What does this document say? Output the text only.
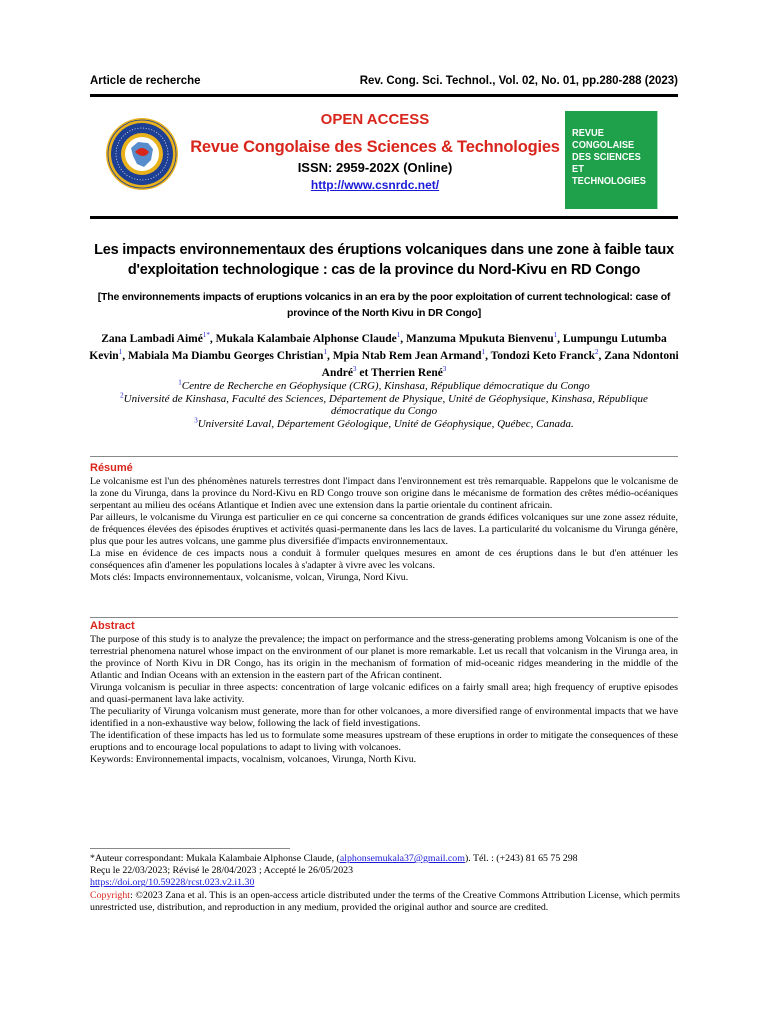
Article de recherche	Rev. Cong. Sci. Technol., Vol. 02, No. 01, pp.280-288 (2023)
OPEN ACCESS
Revue Congolaise des Sciences & Technologies
ISSN: 2959-202X (Online)
http://www.csnrdc.net/
REVUE
CONGOLAISE
DES SCIENCES
ET TECHNOLOGIES
Les impacts environnementaux des éruptions volcaniques dans une zone à faible taux d'exploitation technologique : cas de la province du Nord-Kivu en RD Congo
[The environnements impacts of eruptions volcanics in an era by the poor exploitation of current technological: case of province of the North Kivu in DR Congo]
Zana Lambadi Aimé$^{1*}$, Mukala Kalambaie Alphonse Claude$^1$, Manzuma Mpukuta Bienvenu$^1$, Lumpungu Lutumba Kevin$^1$, Mabiala Ma Diambu Georges Christian$^1$, Mpia Ntab Rem Jean Armand$^1$, Tondozi Keto Franck$^2$, Zana Ndontoni André$^3$ et Therrien René$^3$
$^1$Centre de Recherche en Géophysique (CRG), Kinshasa, République démocratique du Congo
$^2$Université de Kinshasa, Faculté des Sciences, Département de Physique, Unité de Géophysique, Kinshasa, République démocratique du Congo
$^3$Université Laval, Département Géologique, Unité de Géophysique, Québec, Canada.
Résumé

Le volcanisme est l'un des phénomènes naturels terrestres dont l'impact dans l'environnement est très remarquable. Rappelons que le volcanisme de la zone du Virunga, dans la province du Nord-Kivu en RD Congo trouve son origine dans le mécanisme de formation des crêtes médio-océaniques serpentant au milieu des océans Atlantique et Indien avec une extension dans la partie orientale du continent africain.

Par ailleurs, le volcanisme du Virunga est particulier en ce qui concerne sa concentration de grands édifices volcaniques sur une zone assez réduite, de fréquences élevées des épisodes éruptives et activités quasi-permanente dans les lacs de laves. La particularité du volcanisme du Virunga génère, plus que pour les autres volcans, une gamme plus diversifiée d'impacts environnementaux.

La mise en évidence de ces impacts nous a conduit à formuler quelques mesures en amont de ces éruptions dans le but d'en atténuer les conséquences afin d'amener les populations locales à s'adapter à vivre avec les volcans.

Mots clés: Impacts environnementaux, volcanisme, volcan, Virunga, Nord Kivu.

Abstract

The purpose of this study is to analyze the prevalence; the impact on performance and the stress-generating problems among Volcanism is one of the terrestrial phenomena naturel whose impact on the environment of our planet is more remarkable. Let us recall that volcanism in the Virunga area, in the province of North Kivu in DR Congo, has its origin in the mechanism of formation of mid-oceanic ridges meandering in the middle of the Atlantic and Indian Oceans with an extension in the eastern part of the African continent.

Virunga volcanism is peculiar in three aspects: concentration of large volcanic edifices on a fairly small area; high frequency of eruptive episodes and quasi-permanent lava lake activity.

The peculiarity of Virunga volcanism must generate, more than for other volcanoes, a more diversified range of environmental impacts that we have identified in a non-exhaustive way below, following the lack of field investigations.

The identification of these impacts has led us to formulate some measures upstream of these eruptions in order to mitigate the consequences of these eruptions and to encourage local populations to adapt to living with volcanoes.

Keywords: Environnemental impacts, vocalnism, volcanoes, Virunga, North Kivu.

*Auteur correspondant: Mukala Kalambaie Alphonse Claude, (alphonsemukala37@gmail.com). Tél. : (+243) 81 65 75 298

Reçu le 22/03/2023; Révisé le 28/04/2023 ; Accepté le 26/05/2023

https://doi.org/10.59228/rcst.023.v2.i1.30

Copyright: ©2023 Zana et al. This is an open-access article distributed under the terms of the Creative Commons Attribution License, which permits unrestricted use, distribution, and reproduction in any medium, provided the original author and source are credited.
